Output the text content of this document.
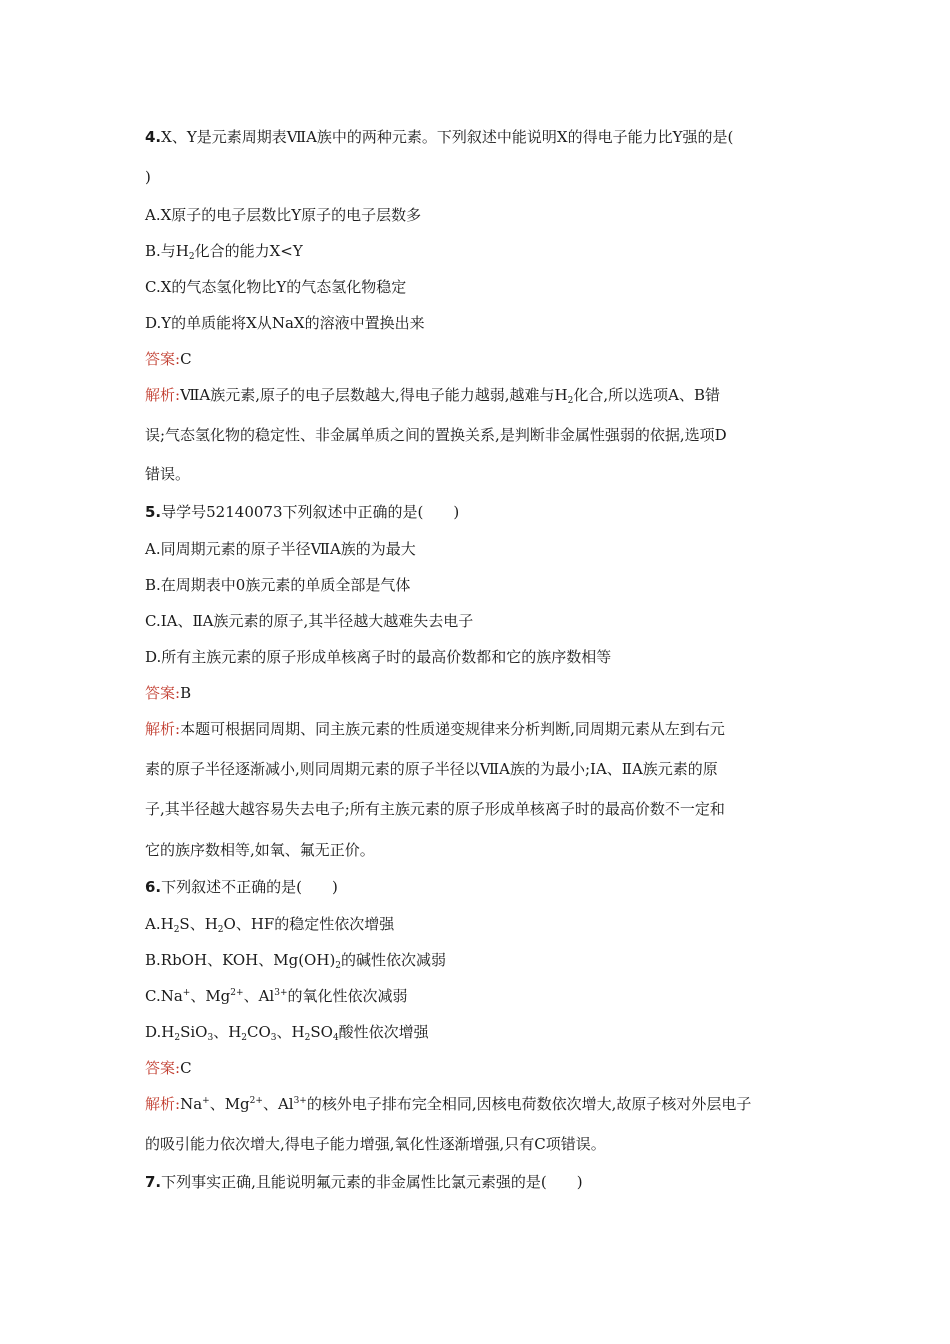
4.X、Y是元素周期表ⅦA族中的两种元素。下列叙述中能说明X的得电子能力比Y强的是(
)
A.X原子的电子层数比Y原子的电子层数多
B.与$H_2$化合的能力X<Y
C.X的气态氢化物比Y的气态氢化物稳定
D.Y的单质能将X从NaX的溶液中置换出来
答案:C
解析:ⅦA族元素,原子的电子层数越大,得电子能力越弱,越难与$H_2$化合,所以选项A、B错
误;气态氢化物的稳定性、非金属单质之间的置换关系,是判断非金属性强弱的依据,选项D
错误。
5.导学号52140073下列叙述中正确的是(　　)
A.同周期元素的原子半径ⅦA族的为最大
B.在周期表中0族元素的单质全部是气体
C.ⅠA、ⅡA族元素的原子,其半径越大越难失去电子
D.所有主族元素的原子形成单核离子时的最高价数都和它的族序数相等
答案:B
解析:本题可根据同周期、同主族元素的性质递变规律来分析判断,同周期元素从左到右元
素的原子半径逐渐减小,则同周期元素的原子半径以ⅦA族的为最小;ⅠA、ⅡA族元素的原
子,其半径越大越容易失去电子;所有主族元素的原子形成单核离子时的最高价数不一定和
它的族序数相等,如氧、氟无正价。
6.下列叙述不正确的是(　　)
$A.H_2S$、$H_2O$、HF的稳定性依次增强
B.RbOH、KOH、$Mg(OH)_2$的碱性依次减弱
C.Na+、$Mg^{2+}$、$Al^{3+}$的氧化性依次减弱
$D.H_2SiO_3$、$H_2CO_3$、$H_2SO_4$酸性依次增强
答案:C
解析:Na+、$Mg^{2+}$、$Al^{3+}$的核外电子排布完全相同,因核电荷数依次增大,故原子核对外层电子
的吸引能力依次增大,得电子能力增强,氧化性逐渐增强,只有C项错误。
7.下列事实正确,且能说明氟元素的非金属性比氯元素强的是(　　)
